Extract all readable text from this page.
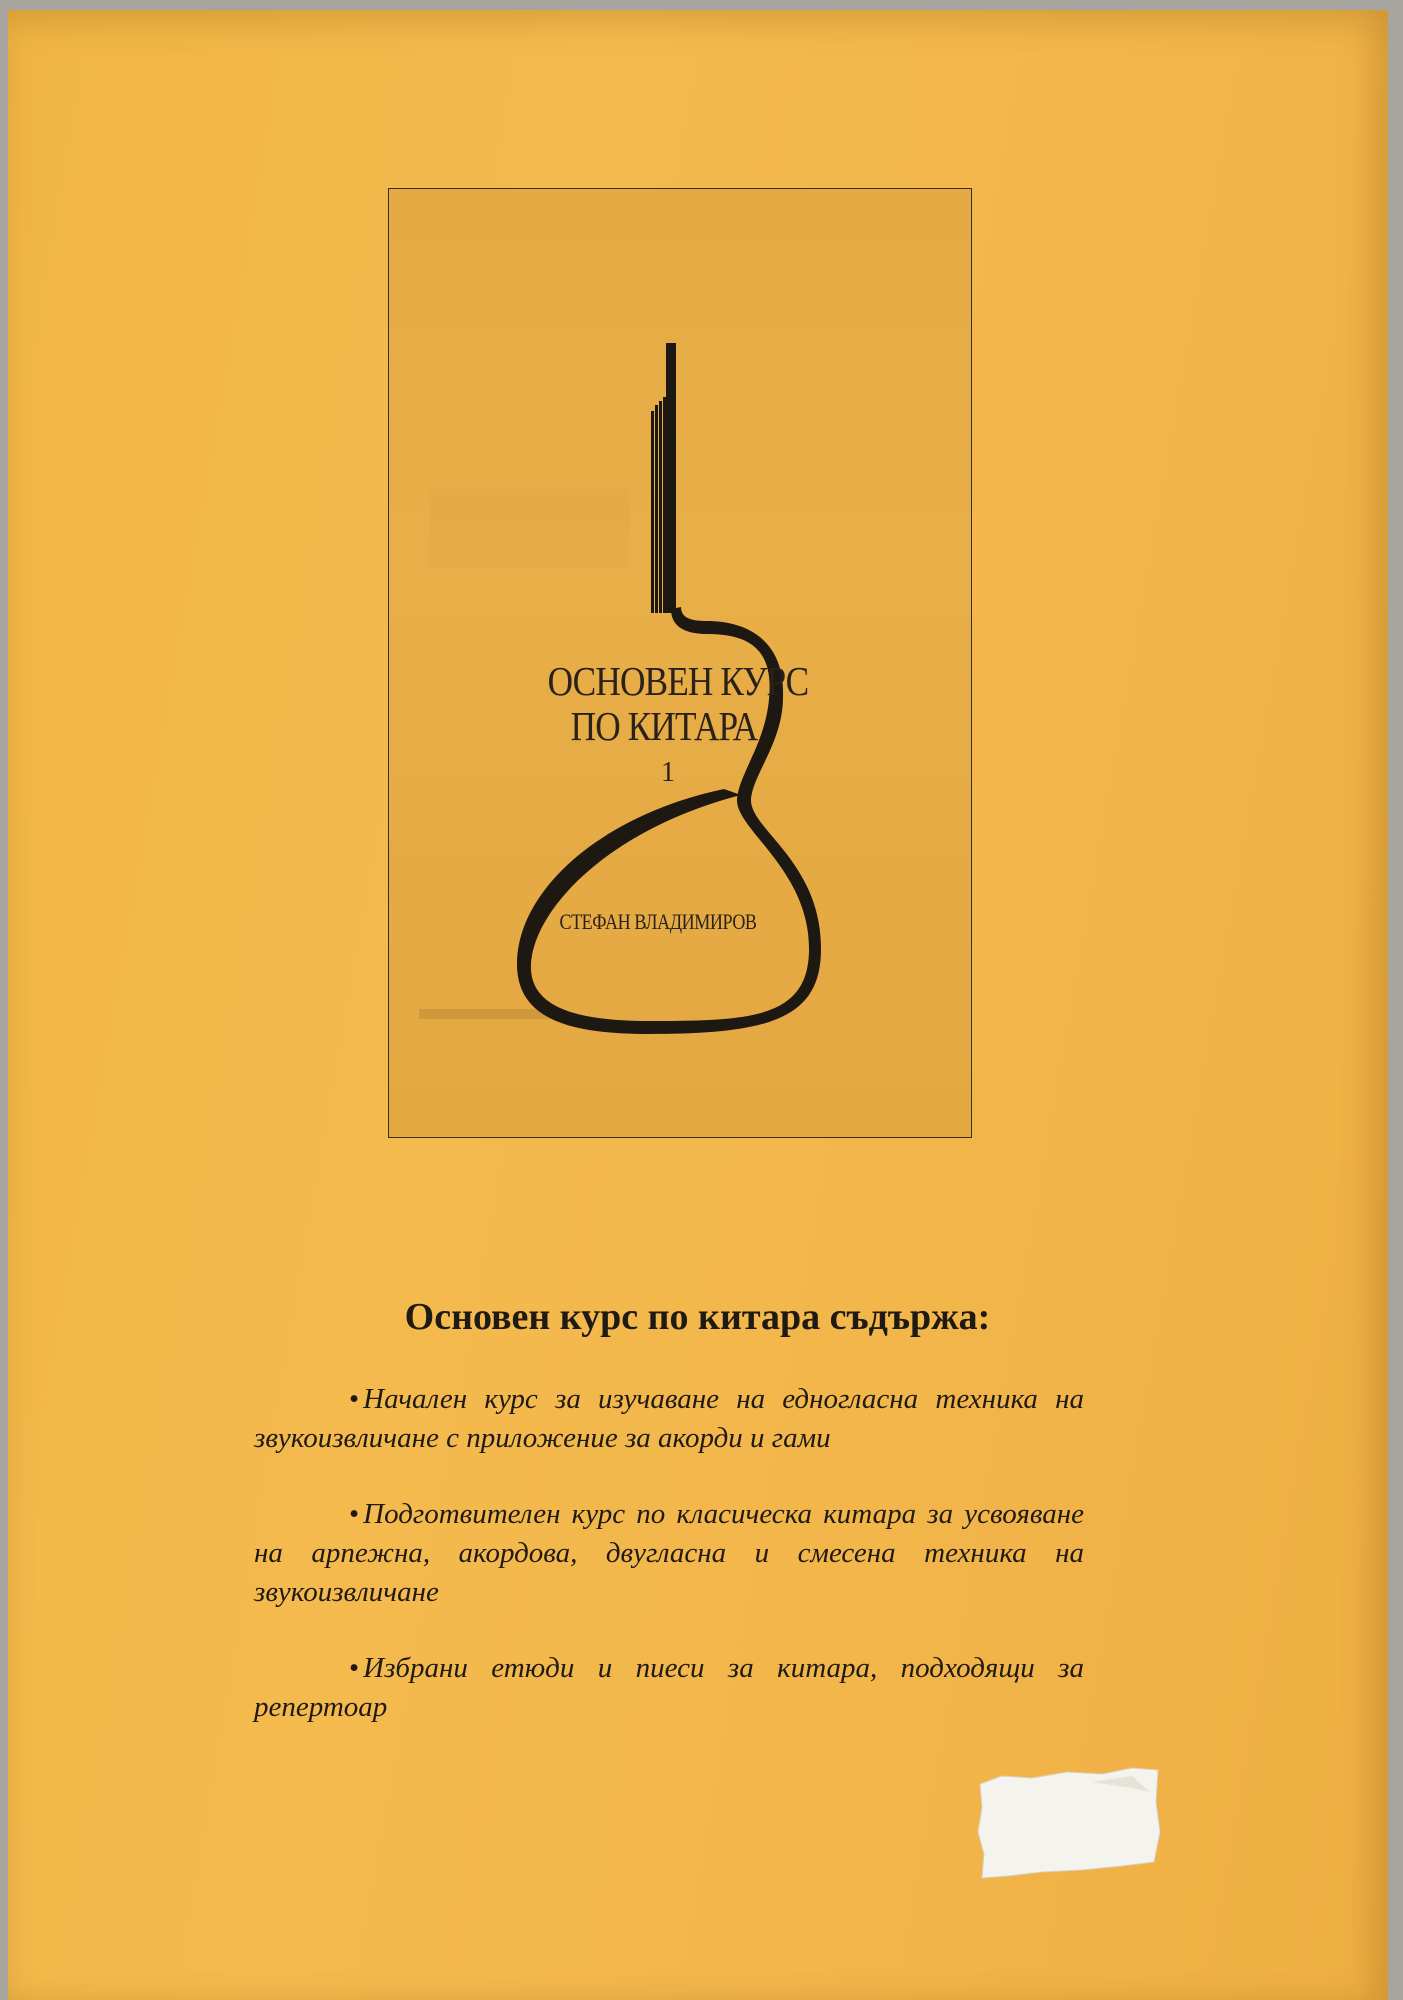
ОСНОВЕН КУРС

ПО КИТАРА

1

СТЕФАН ВЛАДИМИРОВ

Основен курс по китара съдържа:
• Начален курс за изучаване на едногласна техника на звукоизвличане с приложение за акорди и гами
• Подготвителен курс по класическа китара за усвояване на арпежна, акордова, двугласна и смесена техника на звукоизвличане
• Избрани етюди и пиеси за китара, подходящи за репертоар
